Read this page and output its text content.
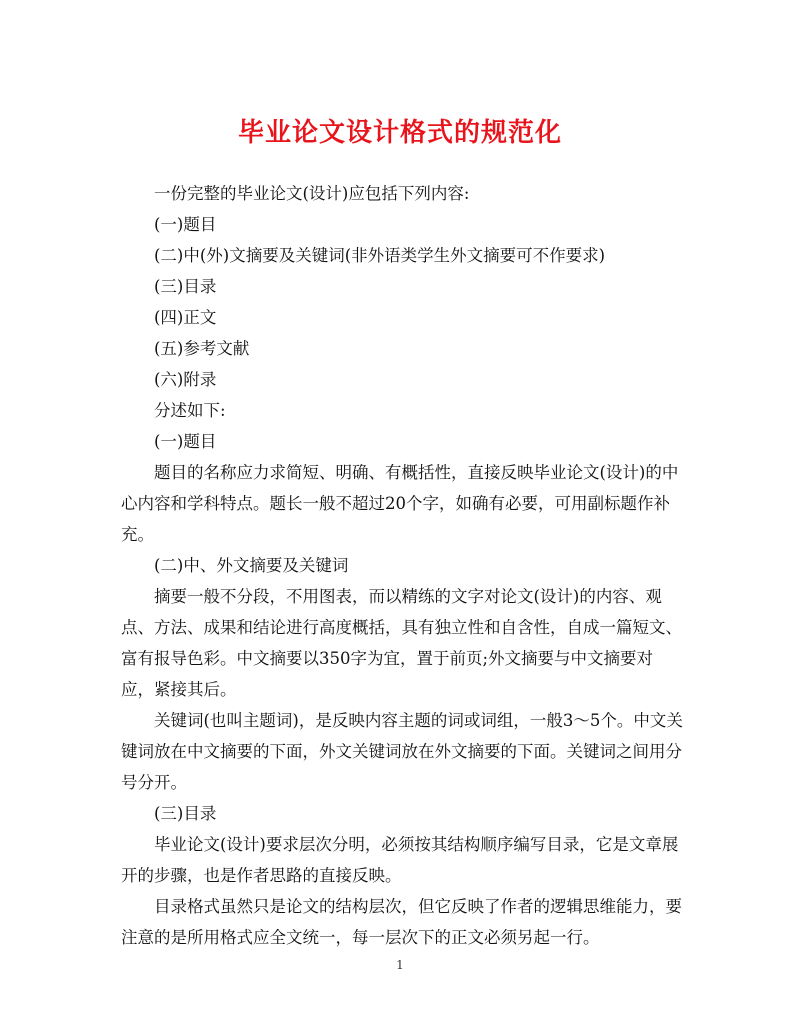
毕业论文设计格式的规范化

一份完整的毕业论文(设计)应包括下列内容:

(一)题目

(二)中(外)文摘要及关键词(非外语类学生外文摘要可不作要求)

(三)目录

(四)正文

(五)参考文献

(六)附录

分述如下:

(一)题目

题目的名称应力求简短、明确、有概括性，直接反映毕业论文(设计)的中心内容和学科特点。题长一般不超过20个字，如确有必要，可用副标题作补充。

(二)中、外文摘要及关键词

摘要一般不分段，不用图表，而以精练的文字对论文(设计)的内容、观点、方法、成果和结论进行高度概括，具有独立性和自含性，自成一篇短文、富有报导色彩。中文摘要以350字为宜，置于前页;外文摘要与中文摘要对应，紧接其后。

关键词(也叫主题词)，是反映内容主题的词或词组，一般3～5个。中文关键词放在中文摘要的下面，外文关键词放在外文摘要的下面。关键词之间用分号分开。

(三)目录

毕业论文(设计)要求层次分明，必须按其结构顺序编写目录，它是文章展开的步骤，也是作者思路的直接反映。

目录格式虽然只是论文的结构层次，但它反映了作者的逻辑思维能力，要注意的是所用格式应全文统一，每一层次下的正文必须另起一行。

1
